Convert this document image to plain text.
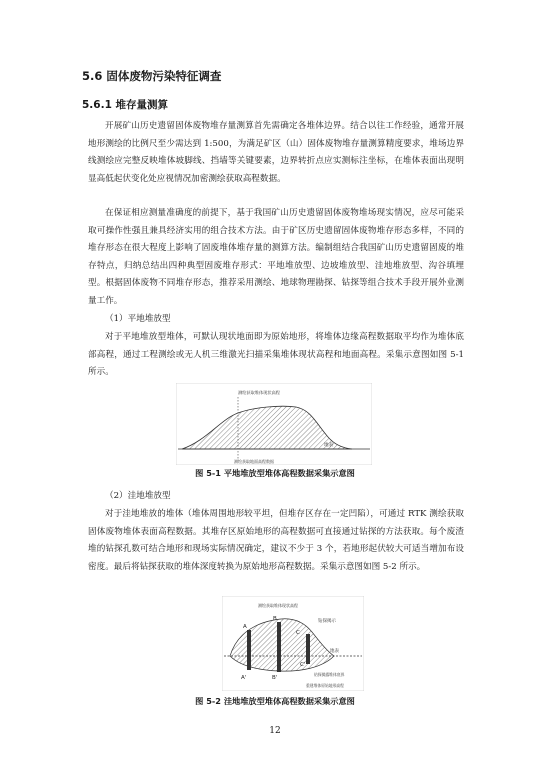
5.6 固体废物污染特征调查
5.6.1 堆存量测算
开展矿山历史遗留固体废物堆存量测算首先需确定各堆体边界。结合以往工作经验，通常开展地形测绘的比例尺至少需达到 1:500，为满足矿区（山）固体废物堆存量测算精度要求，堆场边界线测绘应完整反映堆体坡脚线、挡墙等关键要素，边界转折点应实测标注坐标，在堆体表面出现明显高低起伏变化处应视情况加密测绘获取高程数据。
在保证相应测量准确度的前提下，基于我国矿山历史遗留固体废物堆场现实情况，应尽可能采取可操作性强且兼具经济实用的组合技术方法。由于矿区历史遗留固体废物堆存形态多样，不同的堆存形态在很大程度上影响了固废堆体堆存量的测算方法。编制组结合我国矿山历史遗留固废的堆存特点，归纳总结出四种典型固废堆存形式：平地堆放型、边坡堆放型、洼地堆放型、沟谷填埋型。根据固体废物不同堆存形态，推荐采用测绘、地球物理勘探、钻探等组合技术手段开展外业测量工作。
（1）平地堆放型
对于平地堆放型堆体，可默认现状地面即为原始地形，将堆体边缘高程数据取平均作为堆体底部高程，通过工程测绘或无人机三维激光扫描采集堆体现状高程和地面高程。采集示意图如图 5-1 所示。
测绘获取堆体现状高程
地表
测绘获取地面高程数据
图 5-1 平地堆放型堆体高程数据采集示意图
（2）洼地堆放型
对于洼地堆放的堆体（堆体周围地形较平坦，但堆存区存在一定凹陷），可通过 RTK 测绘获取固体废物堆体表面高程数据。其堆存区原始地形的高程数据可直接通过钻探的方法获取。每个废渣堆的钻探孔数可结合地形和现场实际情况确定，建议不少于 3 个，若地形起伏较大可适当增加布设密度。最后将钻探获取的堆体深度转换为原始地形高程数据。采集示意图如图 5-2 所示。
A
B
C
A'	B'
C'
测绘获取堆体现状高程
钻探揭示
地表
钻探揭露堆体底界
重建堆体原始地形高程
图 5-2 洼地堆放型堆体高程数据采集示意图
12
